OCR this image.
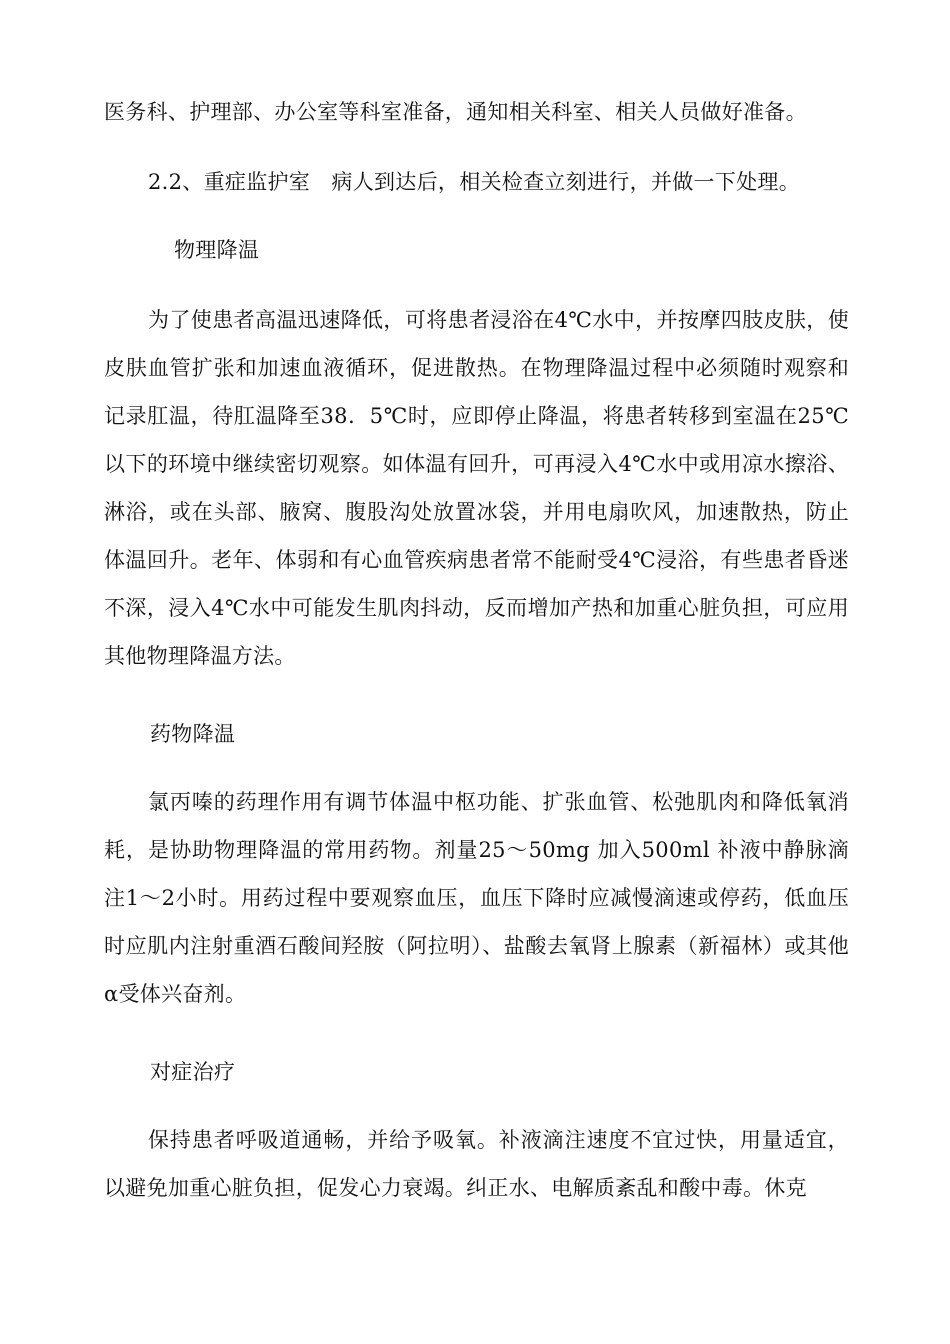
医务科、护理部、办公室等科室准备，通知相关科室、相关人员做好准备。

2.2、重症监护室　病人到达后，相关检查立刻进行，并做一下处理。

物理降温

为了使患者高温迅速降低，可将患者浸浴在4℃水中，并按摩四肢皮肤，使皮肤血管扩张和加速血液循环，促进散热。在物理降温过程中必须随时观察和记录肛温，待肛温降至38．5℃时，应即停止降温，将患者转移到室温在25℃以下的环境中继续密切观察。如体温有回升，可再浸入4℃水中或用凉水擦浴、淋浴，或在头部、腋窝、腹股沟处放置冰袋，并用电扇吹风，加速散热，防止体温回升。老年、体弱和有心血管疾病患者常不能耐受4℃浸浴，有些患者昏迷不深，浸入4℃水中可能发生肌肉抖动，反而增加产热和加重心脏负担，可应用其他物理降温方法。

药物降温

氯丙嗪的药理作用有调节体温中枢功能、扩张血管、松弛肌肉和降低氧消耗，是协助物理降温的常用药物。剂量25～50mg 加入500ml 补液中静脉滴注1～2小时。用药过程中要观察血压，血压下降时应减慢滴速或停药，低血压时应肌内注射重酒石酸间羟胺（阿拉明）、盐酸去氧肾上腺素（新福林）或其他α受体兴奋剂。

对症治疗

保持患者呼吸道通畅，并给予吸氧。补液滴注速度不宜过快，用量适宜，以避免加重心脏负担，促发心力衰竭。纠正水、电解质紊乱和酸中毒。休克
